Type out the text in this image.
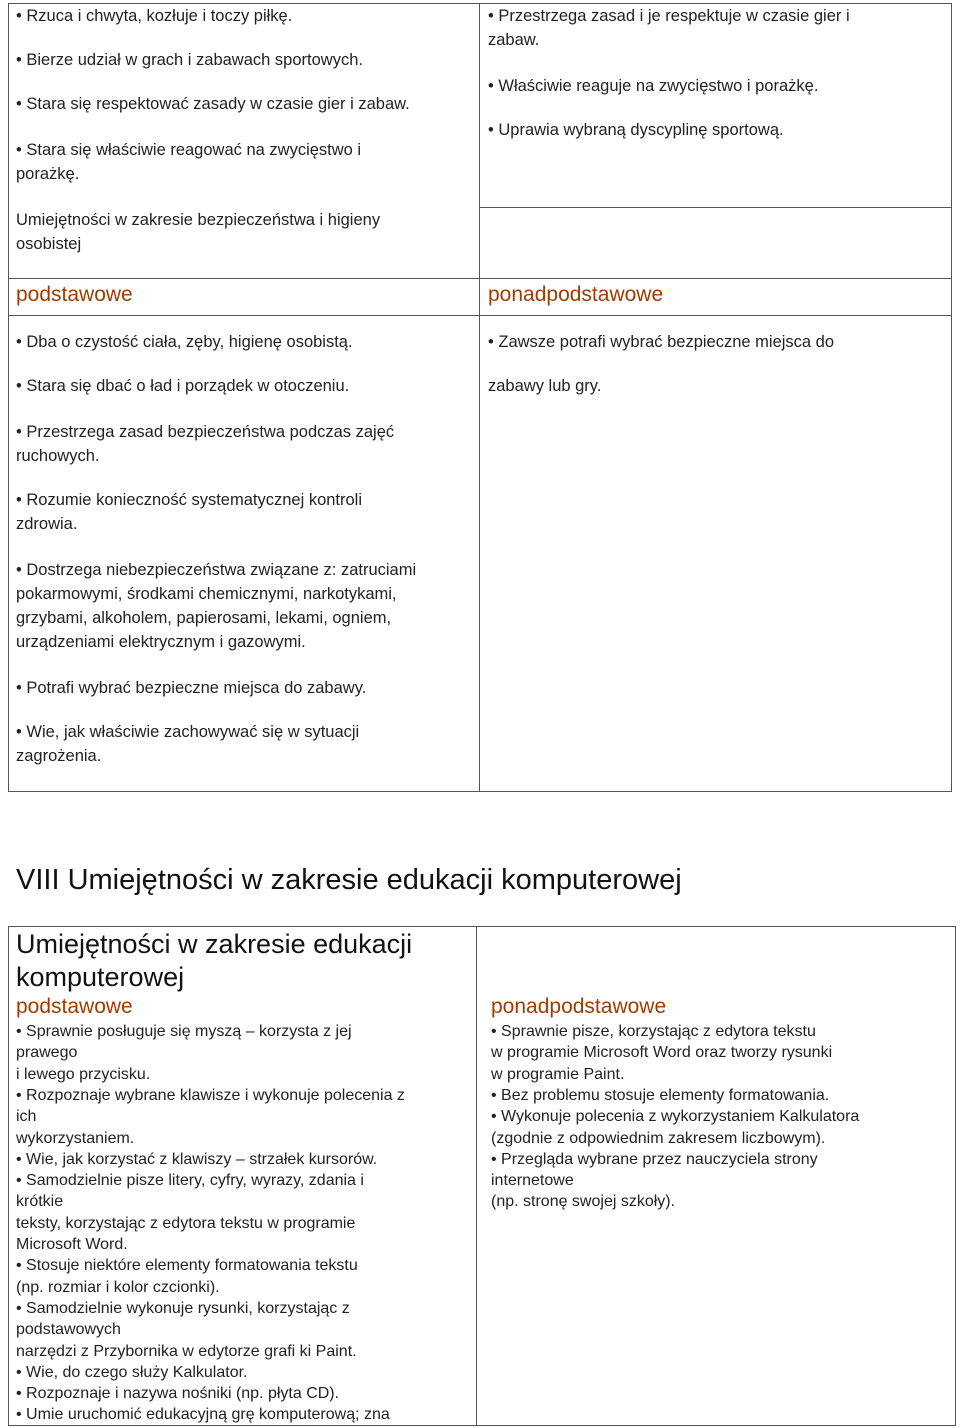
• Rzuca i chwyta, kozłuje i toczy piłkę.
• Bierze udział w grach i zabawach sportowych.
• Stara się respektować zasady w czasie gier i zabaw.
• Stara się właściwie reagować na zwycięstwo i
porażkę.
• Przestrzega zasad i je respektuje w czasie gier i
zabaw.
• Właściwie reaguje na zwycięstwo i porażkę.
• Uprawia wybraną dyscyplinę sportową.
Umiejętności w zakresie bezpieczeństwa i higieny
osobistej
podstawowe	ponadpodstawowe
• Dba o czystość ciała, zęby, higienę osobistą.
• Stara się dbać o ład i porządek w otoczeniu.
• Przestrzega zasad bezpieczeństwa podczas zajęć
ruchowych.
• Rozumie konieczność systematycznej kontroli
zdrowia.
• Dostrzega niebezpieczeństwa związane z: zatruciami
pokarmowymi, środkami chemicznymi, narkotykami,
grzybami, alkoholem, papierosami, lekami, ogniem,
urządzeniami elektrycznym i gazowymi.
• Potrafi wybrać bezpieczne miejsca do zabawy.
• Wie, jak właściwie zachowywać się w sytuacji
zagrożenia.
• Zawsze potrafi wybrać bezpieczne miejsca do
zabawy lub gry.
VIII Umiejętności w zakresie edukacji komputerowej
Umiejętności w zakresie edukacji
komputerowej
podstawowe	ponadpodstawowe
• Sprawnie posługuje się myszą – korzysta z jej
prawego
i lewego przycisku.
• Rozpoznaje wybrane klawisze i wykonuje polecenia z
ich
wykorzystaniem.
• Wie, jak korzystać z klawiszy – strzałek kursorów.
• Samodzielnie pisze litery, cyfry, wyrazy, zdania i
krótkie
teksty, korzystając z edytora tekstu w programie
Microsoft Word.
• Stosuje niektóre elementy formatowania tekstu
(np. rozmiar i kolor czcionki).
• Samodzielnie wykonuje rysunki, korzystając z
podstawowych
narzędzi z Przybornika w edytorze grafi ki Paint.
• Wie, do czego służy Kalkulator.
• Rozpoznaje i nazywa nośniki (np. płyta CD).
• Umie uruchomić edukacyjną grę komputerową; zna
• Sprawnie pisze, korzystając z edytora tekstu
w programie Microsoft Word oraz tworzy rysunki
w programie Paint.
• Bez problemu stosuje elementy formatowania.
• Wykonuje polecenia z wykorzystaniem Kalkulatora
(zgodnie z odpowiednim zakresem liczbowym).
• Przegląda wybrane przez nauczyciela strony
internetowe
(np. stronę swojej szkoły).
